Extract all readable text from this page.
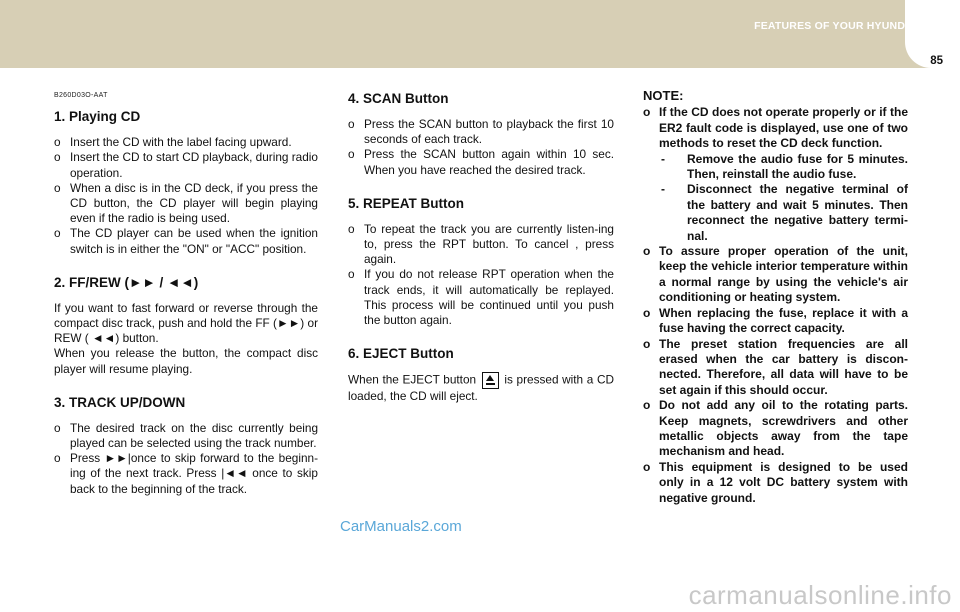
FEATURES OF YOUR HYUNDAI 1
85
B260D03O-AAT
1. Playing CD
o Insert the CD with the label facing upward.
o Insert the CD to start CD playback, during radio operation.
o When a disc is in the CD deck, if you press the CD button, the CD player will begin playing even if the radio is being used.
o The CD player can be used when the ignition switch is in either the "ON" or "ACC" position.
2. FF/REW (►► / ◄◄)

If you want to fast forward or reverse through the compact disc track, push and hold the FF (►►) or REW ( ◄◄) button.

When you release the button, the compact disc player will resume playing.

3. TRACK UP/DOWN
o The desired track on the disc currently being played can be selected using the track number.
o Press ►►|once to skip forward to the beginn-ing of the next track. Press |◄◄ once to skip back to the beginning of the track.
4. SCAN Button
o Press the SCAN button to playback the first 10 seconds of each track.
o Press the SCAN button again within 10 sec. When you have reached the desired track.
5. REPEAT Button
o To repeat the track you are currently listen-ing to, press the RPT button. To cancel , press again.
o If you do not release RPT operation when the track ends, it will automatically be replayed. This process will be continued until you push the button again.
6. EJECT Button

When the EJECT button is pressed with a CD loaded, the CD will eject.

NOTE:
o If the CD does not operate properly or if the ER2 fault code is displayed, use one of two methods to reset the CD deck function.
- Remove the audio fuse for 5 minutes. Then, reinstall the audio fuse.
- Disconnect the negative terminal of the battery and wait 5 minutes. Then reconnect the negative battery termi-nal.
o To assure proper operation of the unit, keep the vehicle interior temperature within a normal range by using the vehicle's air conditioning or heating system.
o When replacing the fuse, replace it with a fuse having the correct capacity.
o The preset station frequencies are all erased when the car battery is discon-nected. Therefore, all data will have to be set again if this should occur.
o Do not add any oil to the rotating parts. Keep magnets, screwdrivers and other metallic objects away from the tape mechanism and head.
o This equipment is designed to be used only in a 12 volt DC battery system with negative ground.
CarManuals2.com
carmanualsonline.info
